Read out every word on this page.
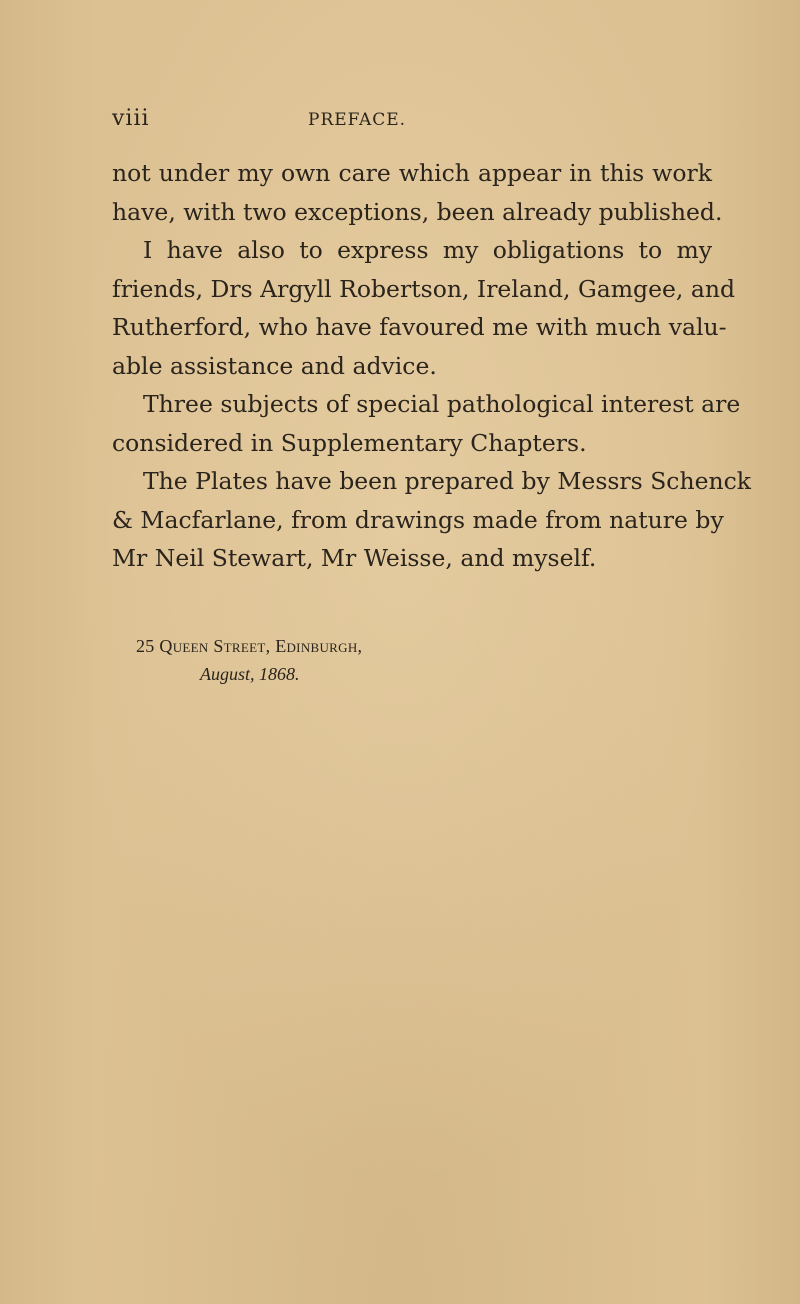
viii	PREFACE.
not under my own care which appear in this work
have, with two exceptions, been already published.
I have also to express my obligations to my
friends, Drs Argyll Robertson, Ireland, Gamgee, and
Rutherford, who have favoured me with much valu-
able assistance and advice.
Three subjects of special pathological interest are
considered in Supplementary Chapters.
The Plates have been prepared by Messrs Schenck
& Macfarlane, from drawings made from nature by
Mr Neil Stewart, Mr Weisse, and myself.
25 Queen Street, Edinburgh,
August, 1868.
